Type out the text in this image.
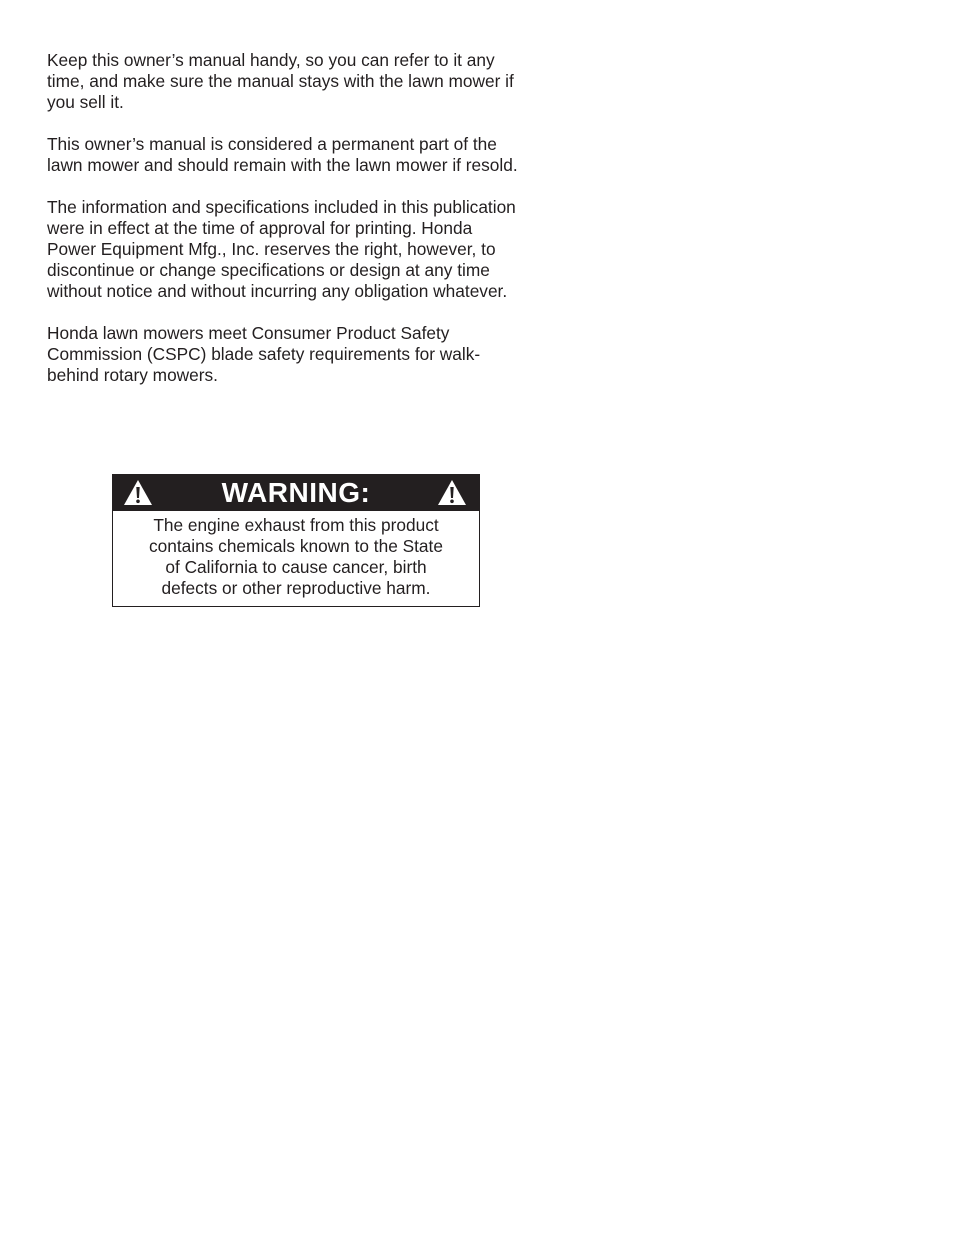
Keep this owner’s manual handy, so you can refer to it any
time, and make sure the manual stays with the lawn mower if
you sell it.

This owner’s manual is considered a permanent part of the
lawn mower and should remain with the lawn mower if resold.

The information and specifications included in this publication
were in effect at the time of approval for printing. Honda
Power Equipment Mfg., Inc. reserves the right, however, to
discontinue or change specifications or design at any time
without notice and without incurring any obligation whatever.

Honda lawn mowers meet Consumer Product Safety
Commission (CSPC) blade safety requirements for walk-
behind rotary mowers.

WARNING:
The engine exhaust from this product
contains chemicals known to the State
of California to cause cancer, birth
defects or other reproductive harm.
